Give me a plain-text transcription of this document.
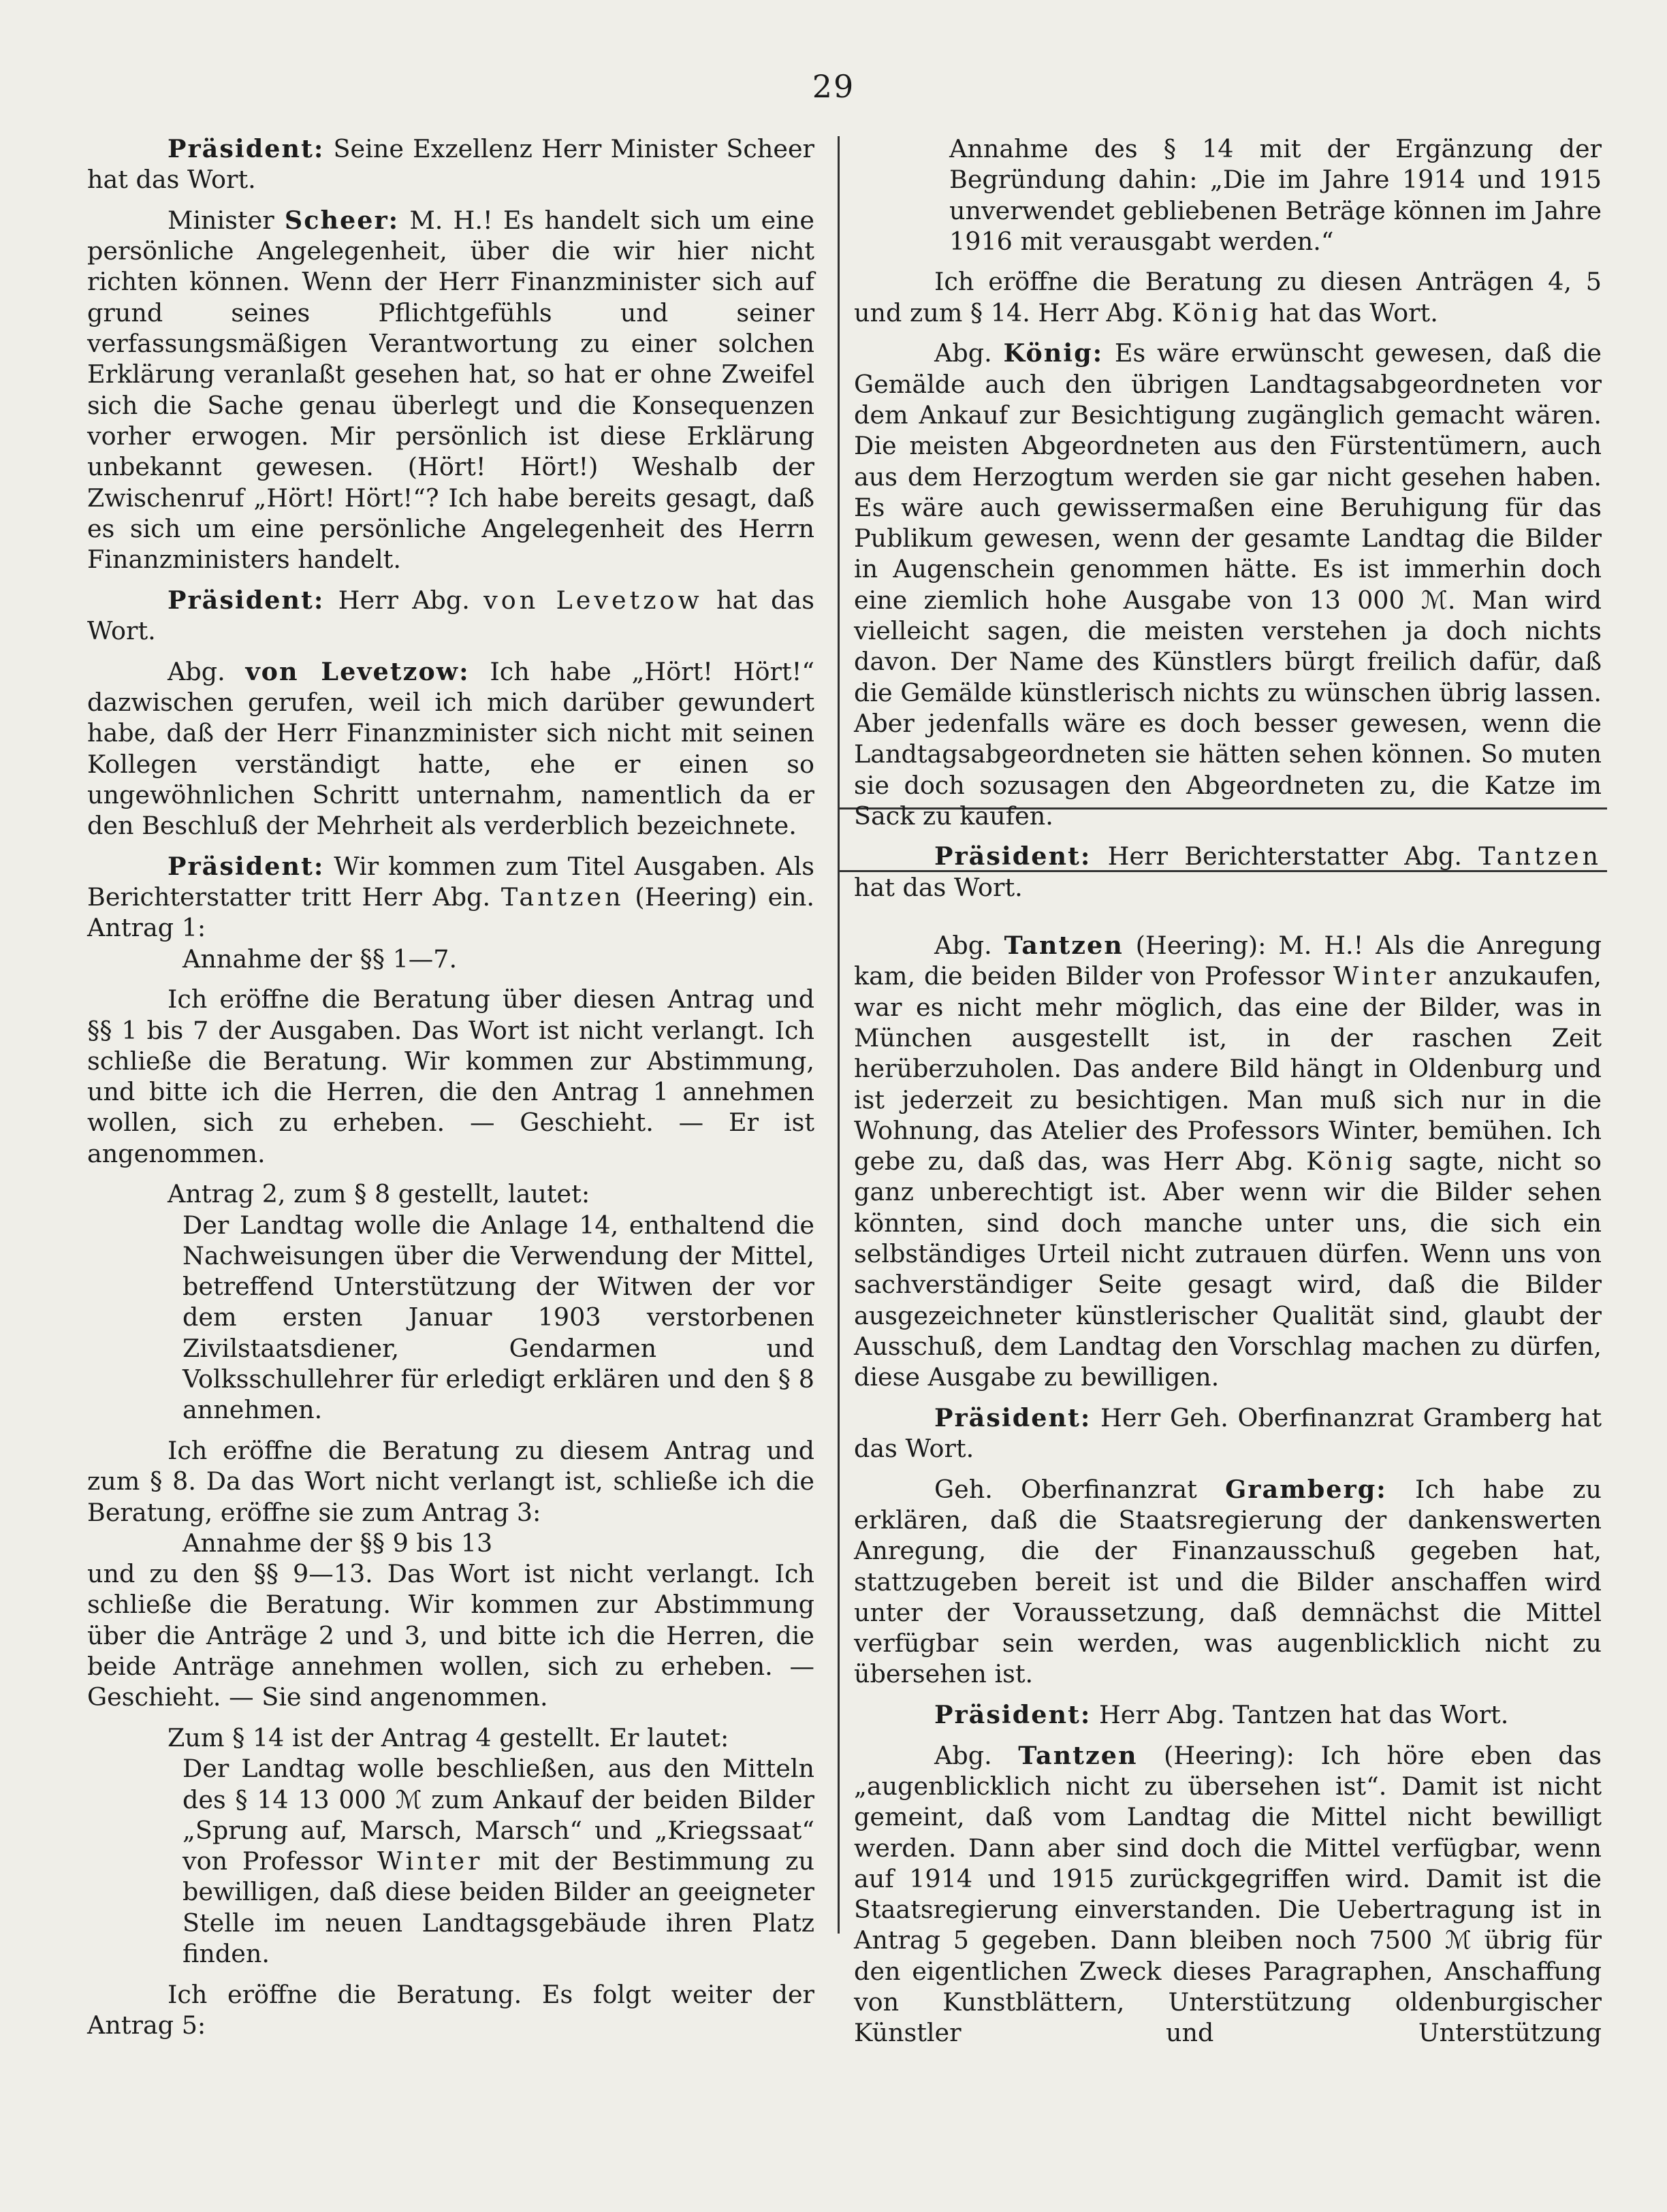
29

Präsident: Seine Exzellenz Herr Minister Scheer hat das Wort.

Minister Scheer: M. H.! Es handelt sich um eine persönliche Angelegenheit, über die wir hier nicht richten können. Wenn der Herr Finanzminister sich auf grund seines Pflichtgefühls und seiner verfassungsmäßigen Verantwortung zu einer solchen Erklärung veranlaßt gesehen hat, so hat er ohne Zweifel sich die Sache genau überlegt und die Konsequenzen vorher erwogen. Mir persönlich ist diese Erklärung unbekannt gewesen. (Hört! Hört!) Weshalb der Zwischenruf „Hört! Hört!“? Ich habe bereits gesagt, daß es sich um eine persönliche Angelegenheit des Herrn Finanzministers handelt.

Präsident: Herr Abg. von Levetzow hat das Wort.

Abg. von Levetzow: Ich habe „Hört! Hört!“ dazwischen gerufen, weil ich mich darüber gewundert habe, daß der Herr Finanzminister sich nicht mit seinen Kollegen verständigt hatte, ehe er einen so ungewöhnlichen Schritt unternahm, namentlich da er den Beschluß der Mehrheit als verderblich bezeichnete.

Präsident: Wir kommen zum Titel Ausgaben. Als Berichterstatter tritt Herr Abg. Tantzen (Heering) ein. Antrag 1:

Annahme der §§ 1—7.

Ich eröffne die Beratung über diesen Antrag und §§ 1 bis 7 der Ausgaben. Das Wort ist nicht verlangt. Ich schließe die Beratung. Wir kommen zur Abstimmung, und bitte ich die Herren, die den Antrag 1 annehmen wollen, sich zu erheben. — Geschieht. — Er ist angenommen.

Antrag 2, zum § 8 gestellt, lautet:

Der Landtag wolle die Anlage 14, enthaltend die Nachweisungen über die Verwendung der Mittel, betreffend Unterstützung der Witwen der vor dem ersten Januar 1903 verstorbenen Zivilstaatsdiener, Gendarmen und Volksschullehrer für erledigt erklären und den § 8 annehmen.

Ich eröffne die Beratung zu diesem Antrag und zum § 8. Da das Wort nicht verlangt ist, schließe ich die Beratung, eröffne sie zum Antrag 3:

Annahme der §§ 9 bis 13

und zu den §§ 9—13. Das Wort ist nicht verlangt. Ich schließe die Beratung. Wir kommen zur Abstimmung über die Anträge 2 und 3, und bitte ich die Herren, die beide Anträge annehmen wollen, sich zu erheben. — Geschieht. — Sie sind angenommen.

Zum § 14 ist der Antrag 4 gestellt. Er lautet:

Der Landtag wolle beschließen, aus den Mitteln des § 14 13 000 ℳ zum Ankauf der beiden Bilder „Sprung auf, Marsch, Marsch“ und „Kriegssaat“ von Professor Winter mit der Bestimmung zu bewilligen, daß diese beiden Bilder an geeigneter Stelle im neuen Landtagsgebäude ihren Platz finden.

Ich eröffne die Beratung. Es folgt weiter der Antrag 5:

Annahme des § 14 mit der Ergänzung der Begründung dahin: „Die im Jahre 1914 und 1915 unverwendet gebliebenen Beträge können im Jahre 1916 mit verausgabt werden.“

Ich eröffne die Beratung zu diesen Anträgen 4, 5 und zum § 14. Herr Abg. König hat das Wort.

Abg. König: Es wäre erwünscht gewesen, daß die Gemälde auch den übrigen Landtagsabgeordneten vor dem Ankauf zur Besichtigung zugänglich gemacht wären. Die meisten Abgeordneten aus den Fürstentümern, auch aus dem Herzogtum werden sie gar nicht gesehen haben. Es wäre auch gewissermaßen eine Beruhigung für das Publikum gewesen, wenn der gesamte Landtag die Bilder in Augenschein genommen hätte. Es ist immerhin doch eine ziemlich hohe Ausgabe von 13 000 ℳ. Man wird vielleicht sagen, die meisten verstehen ja doch nichts davon. Der Name des Künstlers bürgt freilich dafür, daß die Gemälde künstlerisch nichts zu wünschen übrig lassen. Aber jedenfalls wäre es doch besser gewesen, wenn die Landtagsabgeordneten sie hätten sehen können. So muten sie doch sozusagen den Abgeordneten zu, die Katze im Sack zu kaufen.

Präsident: Herr Berichterstatter Abg. Tantzen hat das Wort.

Abg. Tantzen (Heering): M. H.! Als die Anregung kam, die beiden Bilder von Professor Winter anzukaufen, war es nicht mehr möglich, das eine der Bilder, was in München ausgestellt ist, in der raschen Zeit herüberzuholen. Das andere Bild hängt in Oldenburg und ist jederzeit zu besichtigen. Man muß sich nur in die Wohnung, das Atelier des Professors Winter, bemühen. Ich gebe zu, daß das, was Herr Abg. König sagte, nicht so ganz unberechtigt ist. Aber wenn wir die Bilder sehen könnten, sind doch manche unter uns, die sich ein selbständiges Urteil nicht zutrauen dürfen. Wenn uns von sachverständiger Seite gesagt wird, daß die Bilder ausgezeichneter künstlerischer Qualität sind, glaubt der Ausschuß, dem Landtag den Vorschlag machen zu dürfen, diese Ausgabe zu bewilligen.

Präsident: Herr Geh. Oberfinanzrat Gramberg hat das Wort.

Geh. Oberfinanzrat Gramberg: Ich habe zu erklären, daß die Staatsregierung der dankenswerten Anregung, die der Finanzausschuß gegeben hat, stattzugeben bereit ist und die Bilder anschaffen wird unter der Voraussetzung, daß demnächst die Mittel verfügbar sein werden, was augenblicklich nicht zu übersehen ist.

Präsident: Herr Abg. Tantzen hat das Wort.

Abg. Tantzen (Heering): Ich höre eben das „augenblicklich nicht zu übersehen ist“. Damit ist nicht gemeint, daß vom Landtag die Mittel nicht bewilligt werden. Dann aber sind doch die Mittel verfügbar, wenn auf 1914 und 1915 zurückgegriffen wird. Damit ist die Staatsregierung einverstanden. Die Uebertragung ist in Antrag 5 gegeben. Dann bleiben noch 7500 ℳ übrig für den eigentlichen Zweck dieses Paragraphen, Anschaffung von Kunstblättern, Unterstützung oldenburgischer Künstler und Unterstützung
